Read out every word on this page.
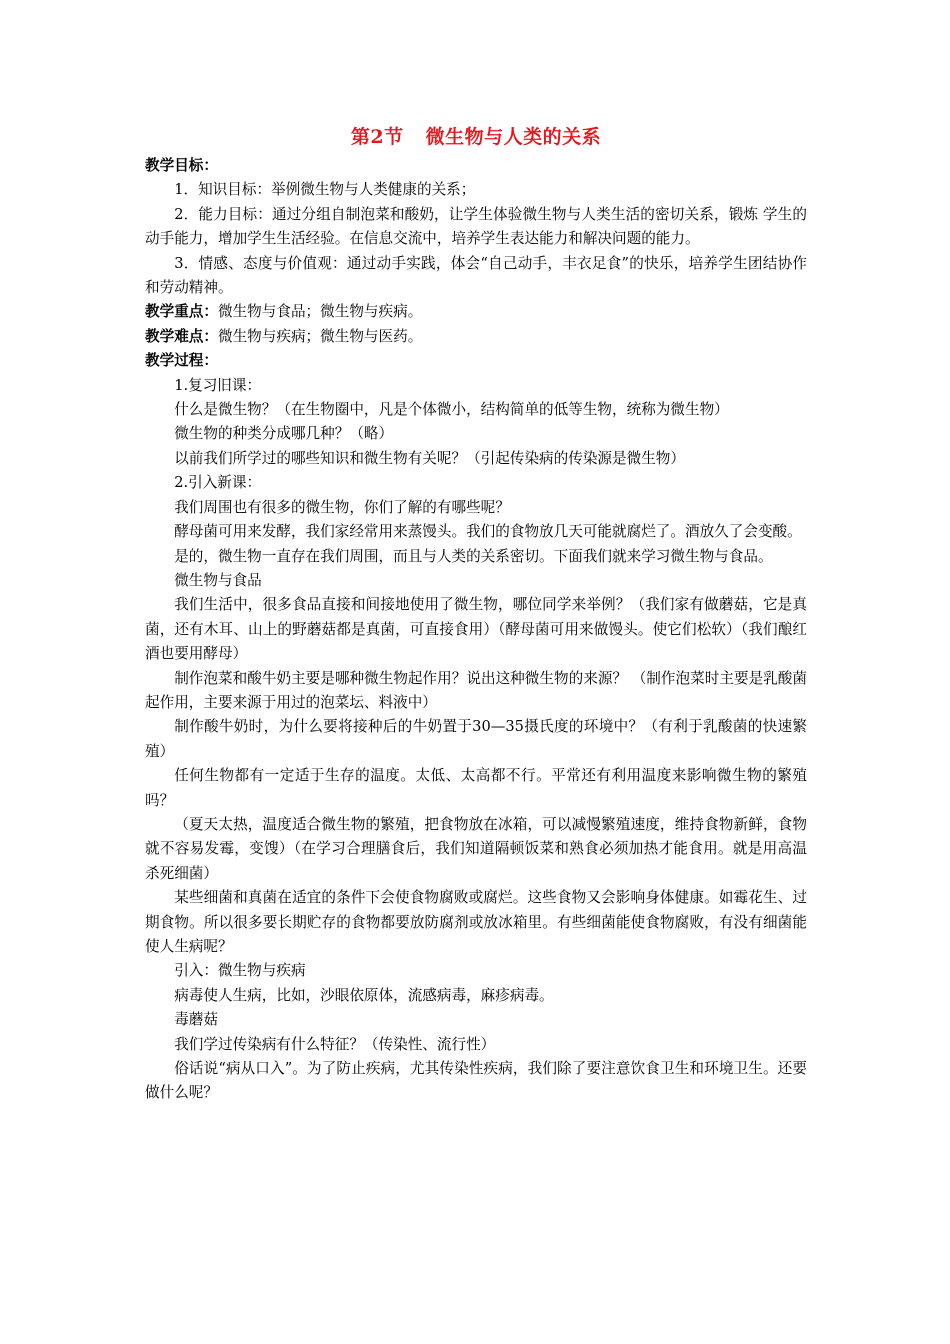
第2节 微生物与人类的关系

教学目标：

1．知识目标：举例微生物与人类健康的关系；

2．能力目标：通过分组自制泡菜和酸奶，让学生体验微生物与人类生活的密切关系，锻炼 学生的动手能力，增加学生生活经验。在信息交流中，培养学生表达能力和解决问题的能力。

3．情感、态度与价值观：通过动手实践，体会“自己动手，丰衣足食”的快乐，培养学生团结协作和劳动精神。

教学重点：微生物与食品；微生物与疾病。

教学难点：微生物与疾病；微生物与医药。

教学过程：

1.复习旧课：

什么是微生物？（在生物圈中，凡是个体微小，结构简单的低等生物，统称为微生物）

微生物的种类分成哪几种？（略）

以前我们所学过的哪些知识和微生物有关呢？（引起传染病的传染源是微生物）

2.引入新课：

我们周围也有很多的微生物，你们了解的有哪些呢？

酵母菌可用来发酵，我们家经常用来蒸馒头。我们的食物放几天可能就腐烂了。酒放久了会变酸。

是的，微生物一直存在我们周围，而且与人类的关系密切。下面我们就来学习微生物与食品。

微生物与食品

我们生活中，很多食品直接和间接地使用了微生物，哪位同学来举例？（我们家有做蘑菇，它是真菌，还有木耳、山上的野蘑菇都是真菌，可直接食用）（酵母菌可用来做馒头。使它们松软）（我们酿红酒也要用酵母）

制作泡菜和酸牛奶主要是哪种微生物起作用？说出这种微生物的来源？ （制作泡菜时主要是乳酸菌起作用，主要来源于用过的泡菜坛、料液中）

制作酸牛奶时，为什么要将接种后的牛奶置于30—35摄氏度的环境中？（有利于乳酸菌的快速繁殖）

任何生物都有一定适于生存的温度。太低、太高都不行。平常还有利用温度来影响微生物的繁殖吗？

（夏天太热，温度适合微生物的繁殖，把食物放在冰箱，可以减慢繁殖速度，维持食物新鲜，食物就不容易发霉，变馊）（在学习合理膳食后，我们知道隔顿饭菜和熟食必须加热才能食用。就是用高温杀死细菌）

某些细菌和真菌在适宜的条件下会使食物腐败或腐烂。这些食物又会影响身体健康。如霉花生、过期食物。所以很多要长期贮存的食物都要放防腐剂或放冰箱里。有些细菌能使食物腐败，有没有细菌能使人生病呢？

引入：微生物与疾病

病毒使人生病，比如，沙眼依原体，流感病毒，麻疹病毒。

毒蘑菇

我们学过传染病有什么特征？（传染性、流行性）

俗话说“病从口入”。为了防止疾病，尤其传染性疾病，我们除了要注意饮食卫生和环境卫生。还要做什么呢？
